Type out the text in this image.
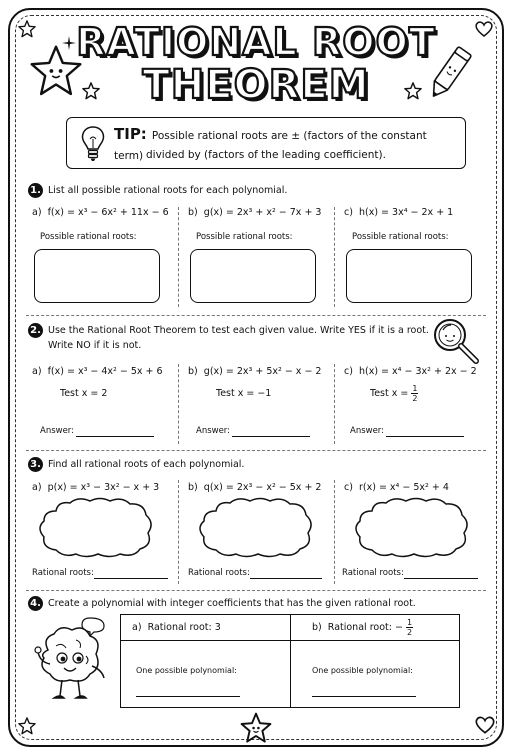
RATIONAL ROOT
THEOREM
TIP: Possible rational roots are ± (factors of the constant term) divided by (factors of the leading coefficient).
1. List all possible rational roots for each polynomial.
a) f(x) = x³ − 6x² + 11x − 6 b) g(x) = 2x³ + x² − 7x + 3 c) h(x) = 3x⁴ − 2x + 1
Possible rational roots:	Possible rational roots:	Possible rational roots:
2. Use the Rational Root Theorem to test each given value. Write YES if it is a root.
Write NO if it is not.
a) f(x) = x³ − 4x² − 5x + 6	b) g(x) = 2x³ + 5x² − x − 2 c) h(x) = x⁴ − 3x² + 2x − 2
Test x = 2	Test x = −1	Test $x = \frac{1}{2}$
Answer:	Answer:	Answer:
3. Find all rational roots of each polynomial.
a) p(x) = x³ − 3x² − x + 3	b) q(x) = 2x³ − x² − 5x + 2 c) r(x) = x⁴ − 5x² + 4
Rational roots:	Rational roots:	Rational roots:
4. Create a polynomial with integer coefficients that has the given rational root.
a) Rational root: 3	b) Rational root: − $\frac{1}{2}$
One possible polynomial:	One possible polynomial:
